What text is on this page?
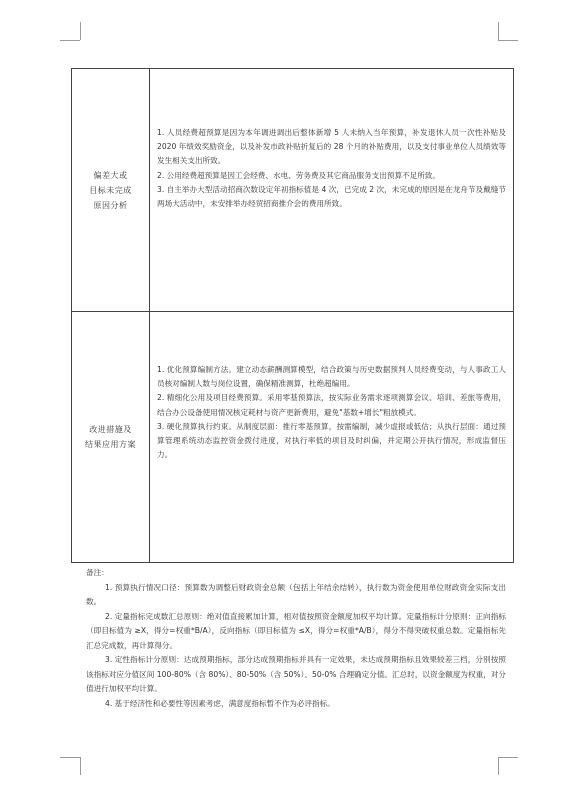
偏差大或
目标未完成
原因分析

1. 人员经费超预算是因为本年调进调出后整体新增 5 人未纳入当年预算，补发退休人员一次性补贴及 2020 年绩效奖励资金，以及补发市政补贴折复后的 28 个月的补贴费用，以及支付事业单位人员绩效等发生相关支出所致。

2. 公用经费超预算是因工会经费、水电、劳务费及其它商品服务支出预算不足所致。

3. 自主举办大型活动招商次数设定年初指标值是 4 次，已完成 2 次，未完成的原因是在龙舟节及戴缝节两场大活动中，未安排举办经贸招商推介会的费用所致。

改进措施及
结果应用方案

1. 优化预算编制方法。建立动态薪酬测算模型，结合政策与历史数据预判人员经费变动，与人事政工人员核对编制人数与岗位设置，确保精准测算，杜绝超编用。

2. 精细化公用及项目经费预算。采用零基预算法，按实际业务需求逐项测算会议、培训、差旅等费用，结合办公设备使用情况核定耗材与资产更新费用，避免"基数+增长"粗放模式。

3. 硬化预算执行约束。从制度层面：推行零基预算，按需编制，减少虚报或低估；从执行层面：通过预算管理系统动态监控资金拨付进度，对执行率低的项目及时纠偏，并定期公开执行情况，形成监督压力。

备注：

1. 预算执行情况口径：预算数为调整后财政资金总额（包括上年结余结转），执行数为资金使用单位财政资金实际支出数。

2. 定量指标完成数汇总原则：绝对值直接累加计算，相对值按照资金额度加权平均计算。定量指标计分原则：正向指标（即目标值为 ≥X，得分=权重*B/A），反向指标（即目标值为 ≤X，得分=权重*A/B），得分不得突破权重总数。定量指标先汇总完成数，再计算得分。

3. 定性指标计分原则：达成预期指标，部分达成预期指标并具有一定效果，未达成预期指标且效果较差三档，分别按照该指标对应分值区间 100-80%（含 80%）、80-50%（含 50%）、50-0% 合理确定分值。汇总时，以资金额度为权重，对分值进行加权平均计算。

4. 基于经济性和必要性等因素考虑，满意度指标暂不作为必评指标。
